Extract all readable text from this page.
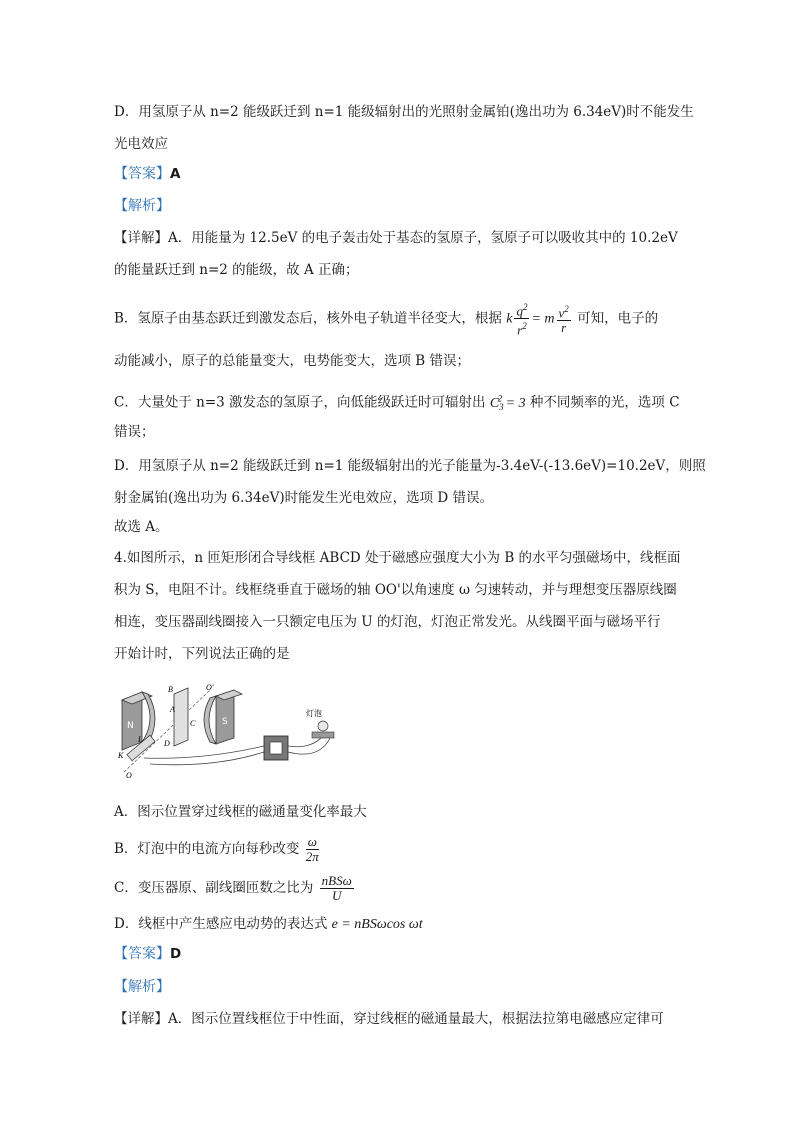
D．用氢原子从 n=2 能级跃迁到 n=1 能级辐射出的光照射金属铂(逸出功为 6.34eV)时不能发生
光电效应
【答案】A
【解析】
【详解】A．用能量为 12.5eV 的电子轰击处于基态的氢原子，氢原子可以吸收其中的 10.2eV
的能量跃迁到 n=2 的能级，故 A 正确；
B．氢原子由基态跃迁到激发态后，核外电子轨道半径变大，根据 k $\frac{q^2}{r^2} = m \frac{v^2}{r}$ 可知，电子的
动能减小，原子的总能量变大，电势能变大，选项 B 错误；
C．大量处于 n=3 激发态的氢原子，向低能级跃迁时可辐射出 $C_3^2 = 3$ 种不同频率的光，选项 C
错误；
D．用氢原子从 n=2 能级跃迁到 n=1 能级辐射出的光子能量为-3.4eV-(-13.6eV)=10.2eV，则照
射金属铂(逸出功为 6.34eV)时能发生光电效应，选项 D 错误。
故选 A。
4.如图所示，n 匝矩形闭合导线框 ABCD 处于磁感应强度大小为 B 的水平匀强磁场中，线框面
积为 S，电阻不计。线框绕垂直于磁场的轴 OO'以角速度 ω 匀速转动，并与理想变压器原线圈
相连，变压器副线圈接入一只额定电压为 U 的灯泡，灯泡正常发光。从线圈平面与磁场平行
开始计时，下列说法正确的是
N	S
B
A
C
D
O'
O
K
L
灯泡
A．图示位置穿过线框的磁通量变化率最大
B．灯泡中的电流方向每秒改变 $\frac{\omega}{2\pi}$
C．变压器原、副线圈匝数之比为 $\frac{\text{nBSω}}{U}$
D．线框中产生感应电动势的表达式 e = nBSωcos ωt
【答案】D
【解析】
【详解】A．图示位置线框位于中性面，穿过线框的磁通量最大，根据法拉第电磁感应定律可
